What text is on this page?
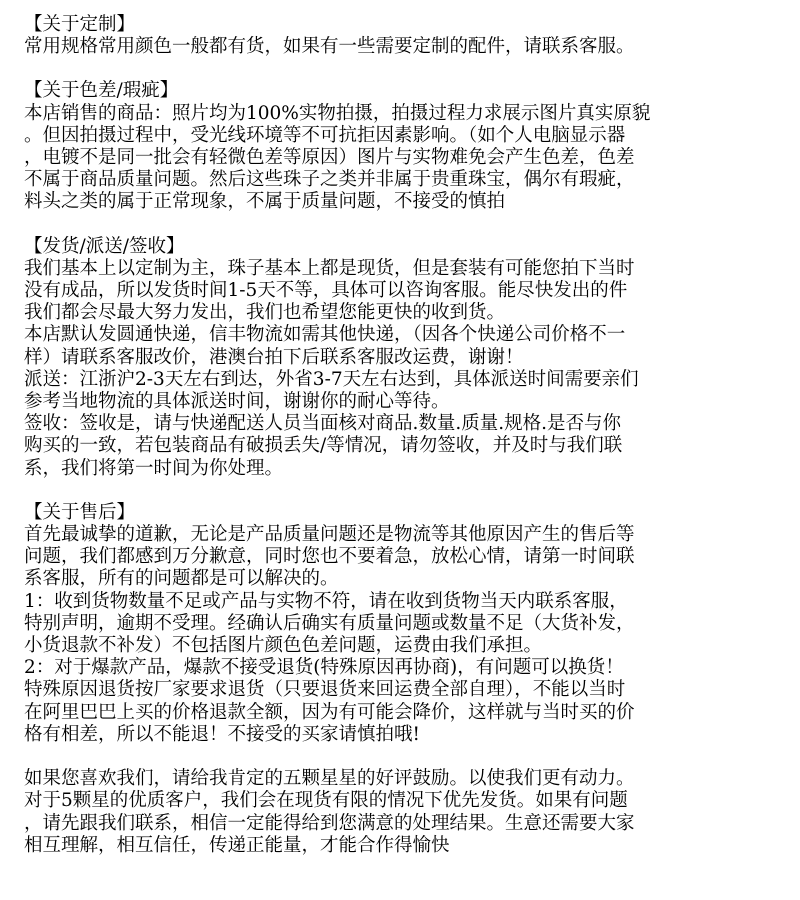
【关于定制】
常用规格常用颜色一般都有货，如果有一些需要定制的配件，请联系客服。
【关于色差/瑕疵】
本店销售的商品：照片均为100%实物拍摄，拍摄过程力求展示图片真实原貌
。但因拍摄过程中，受光线环境等不可抗拒因素影响。（如个人电脑显示器
，电镀不是同一批会有轻微色差等原因）图片与实物难免会产生色差，色差
不属于商品质量问题。然后这些珠子之类并非属于贵重珠宝，偶尔有瑕疵，
料头之类的属于正常现象，不属于质量问题，不接受的慎拍
【发货/派送/签收】
我们基本上以定制为主，珠子基本上都是现货，但是套装有可能您拍下当时
没有成品，所以发货时间1-5天不等，具体可以咨询客服。能尽快发出的件
我们都会尽最大努力发出，我们也希望您能更快的收到货。
本店默认发圆通快递，信丰物流如需其他快递，（因各个快递公司价格不一
样）请联系客服改价，港澳台拍下后联系客服改运费，谢谢！
派送：江浙沪2-3天左右到达，外省3-7天左右达到，具体派送时间需要亲们
参考当地物流的具体派送时间，谢谢你的耐心等待。
签收：签收是，请与快递配送人员当面核对商品.数量.质量.规格.是否与你
购买的一致，若包装商品有破损丢失/等情况，请勿签收，并及时与我们联
系，我们将第一时间为你处理。
【关于售后】
首先最诚挚的道歉，无论是产品质量问题还是物流等其他原因产生的售后等
问题，我们都感到万分歉意，同时您也不要着急，放松心情，请第一时间联
系客服，所有的问题都是可以解决的。
1：收到货物数量不足或产品与实物不符，请在收到货物当天内联系客服，
特别声明，逾期不受理。经确认后确实有质量问题或数量不足（大货补发，
小货退款不补发）不包括图片颜色色差问题，运费由我们承担。
2：对于爆款产品，爆款不接受退货(特殊原因再协商)，有问题可以换货！
特殊原因退货按厂家要求退货（只要退货来回运费全部自理），不能以当时
在阿里巴巴上买的价格退款全额，因为有可能会降价，这样就与当时买的价
格有相差，所以不能退！不接受的买家请慎拍哦!
如果您喜欢我们，请给我肯定的五颗星星的好评鼓励。以使我们更有动力。
对于5颗星的优质客户，我们会在现货有限的情况下优先发货。如果有问题
，请先跟我们联系，相信一定能得给到您满意的处理结果。生意还需要大家
相互理解，相互信任，传递正能量，才能合作得愉快
